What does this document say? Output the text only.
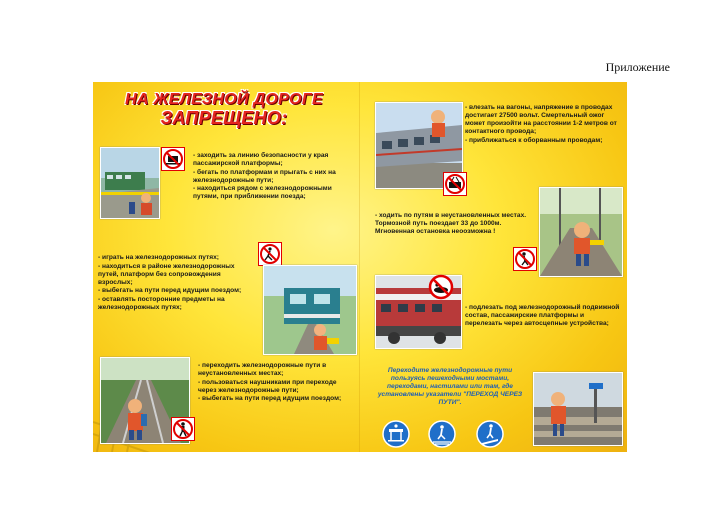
Приложение
НА ЖЕЛЕЗНОЙ ДОРОГЕ
ЗАПРЕЩЕНО:
- заходить за линию безопасности у края пассажирской платформы;
- бегать по платформам и прыгать с них на железнодорожные пути;
- находиться рядом с железнодорожными путями, при приближении поезда;
- играть на железнодорожных путях;
- находиться в районе железнодорожных путей, платформ без сопровождения взрослых;
- выбегать на пути перед идущим поездом;
- оставлять посторонние предметы на железнодорожных путях;
- переходить железнодорожные пути в неустановленных местах;
- пользоваться наушниками при переходе через железнодорожные пути;
- выбегать на пути перед идущим поездом;
- влезать на вагоны, напряжение в проводах достигает 27500 вольт. Смертельный ожог может произойти на расстоянии 1-2 метров от контактного провода;
- приближаться к оборванным проводам;
- ходить по путям в неустановленных местах. Тормозной путь поездает 33 до 1000м. Мгновенная остановка неоозможна !
- подлезать под железнодорожный подвижной состав, пассажирские платформы и перелезать через автосцепные устройства;
Переходите железнодорожные пути пользуясь пешеходными мостами, переходами, настилами или там, где установлены указатели "ПЕРЕХОД ЧЕРЕЗ ПУТИ".
